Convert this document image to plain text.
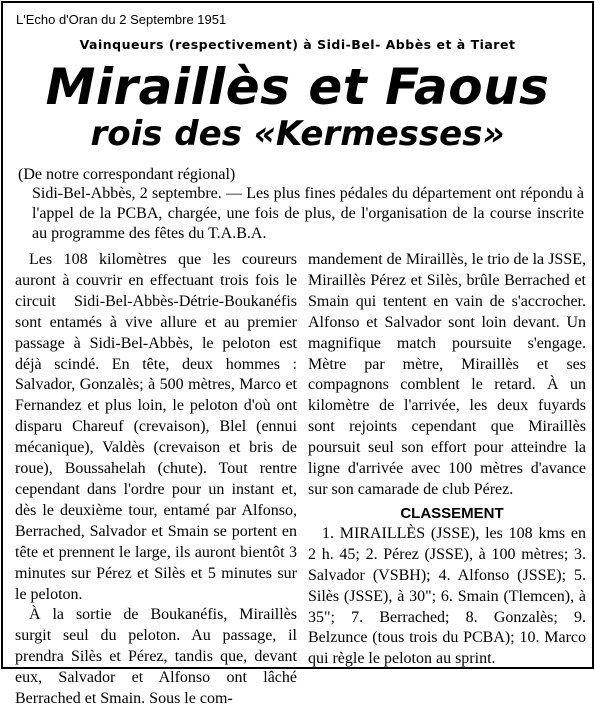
L'Echo d'Oran du 2 Septembre 1951
Vainqueurs (respectivement) à Sidi-Bel- Abbès et à Tiaret
Miraillès et Faous
rois des «Kermesses»
(De notre correspondant régional)
Sidi-Bel-Abbès, 2 septembre. — Les plus fines pédales du département ont répondu à l'appel de la PCBA, chargée, une fois de plus, de l'organisation de la course inscrite au programme des fêtes du T.A.B.A.

Les 108 kilomètres que les coureurs auront à couvrir en effectuant trois fois le circuit Sidi-Bel-Abbès-Détrie-Boukanéfis sont entamés à vive allure et au premier passage à Sidi-Bel-Abbès, le peloton est déjà scindé. En tête, deux hommes : Salvador, Gonzalès; à 500 mètres, Marco et Fernandez et plus loin, le peloton d'où ont disparu Chareuf (crevaison), Blel (ennui mécanique), Valdès (crevaison et bris de roue), Boussahelah (chute). Tout rentre cependant dans l'ordre pour un instant et, dès le deuxième tour, entamé par Alfonso, Berrached, Salvador et Smain se portent en tête et prennent le large, ils auront bientôt 3 minutes sur Pérez et Silès et 5 minutes sur le peloton.

À la sortie de Boukanéfis, Miraillès surgit seul du peloton. Au passage, il prendra Silès et Pérez, tandis que, devant eux, Salvador et Alfonso ont lâché Berrached et Smain. Sous le com-

mandement de Miraillès, le trio de la JSSE, Miraillès Pérez et Silès, brûle Berrached et Smain qui tentent en vain de s'accrocher. Alfonso et Salvador sont loin devant. Un magnifique match poursuite s'engage. Mètre par mètre, Miraillès et ses compagnons comblent le retard. À un kilomètre de l'arrivée, les deux fuyards sont rejoints cependant que Miraillès poursuit seul son effort pour atteindre la ligne d'arrivée avec 100 mètres d'avance sur son camarade de club Pérez.

CLASSEMENT

1. MIRAILLÈS (JSSE), les 108 kms en 2 h. 45; 2. Pérez (JSSE), à 100 mètres; 3. Salvador (VSBH); 4. Alfonso (JSSE); 5. Silès (JSSE), à 30"; 6. Smain (Tlemcen), à 35"; 7. Berrached; 8. Gonzalès; 9. Belzunce (tous trois du PCBA); 10. Marco qui règle le peloton au sprint.
